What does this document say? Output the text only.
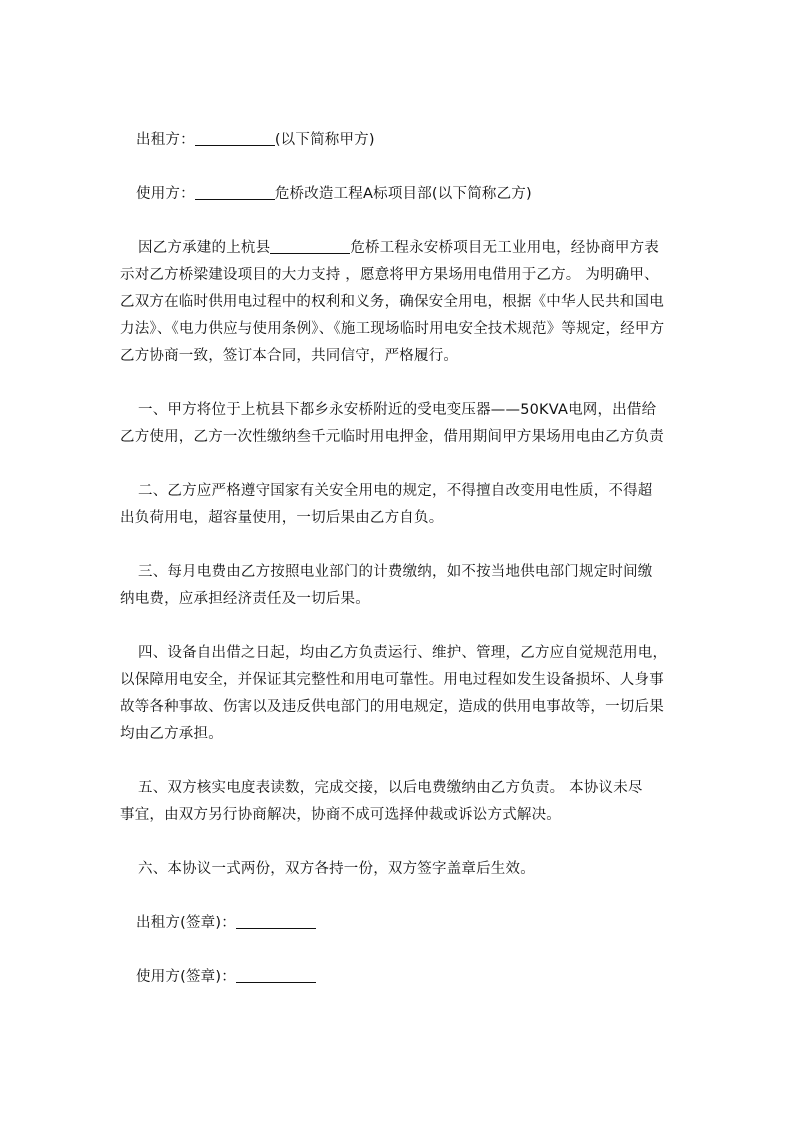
出租方：	(以下简称甲方)
使用方：	危桥改造工程A标项目部(以下简称乙方)
因乙方承建的上杭县	危桥工程永安桥项目无工业用电，经协商甲方表
示对乙方桥梁建设项目的大力支持 ，愿意将甲方果场用电借用于乙方。 为明确甲、
乙双方在临时供用电过程中的权利和义务，确保安全用电，根据《中华人民共和国电
力法》、《电力供应与使用条例》、《施工现场临时用电安全技术规范》等规定，经甲方
乙方协商一致，签订本合同，共同信守，严格履行。
一、甲方将位于上杭县下都乡永安桥附近的受电变压器——50KVA电网，出借给
乙方使用，乙方一次性缴纳叁千元临时用电押金，借用期间甲方果场用电由乙方负责
二、乙方应严格遵守国家有关安全用电的规定，不得擅自改变用电性质，不得超
出负荷用电，超容量使用，一切后果由乙方自负。
三、每月电费由乙方按照电业部门的计费缴纳，如不按当地供电部门规定时间缴
纳电费，应承担经济责任及一切后果。
四、设备自出借之日起，均由乙方负责运行、维护、管理，乙方应自觉规范用电，
以保障用电安全，并保证其完整性和用电可靠性。用电过程如发生设备损坏、人身事
故等各种事故、伤害以及违反供电部门的用电规定，造成的供用电事故等，一切后果
均由乙方承担。
五、双方核实电度表读数，完成交接，以后电费缴纳由乙方负责。 本协议未尽
事宜，由双方另行协商解决，协商不成可选择仲裁或诉讼方式解决。
六、本协议一式两份，双方各持一份，双方签字盖章后生效。
出租方(签章)：
使用方(签章)：
